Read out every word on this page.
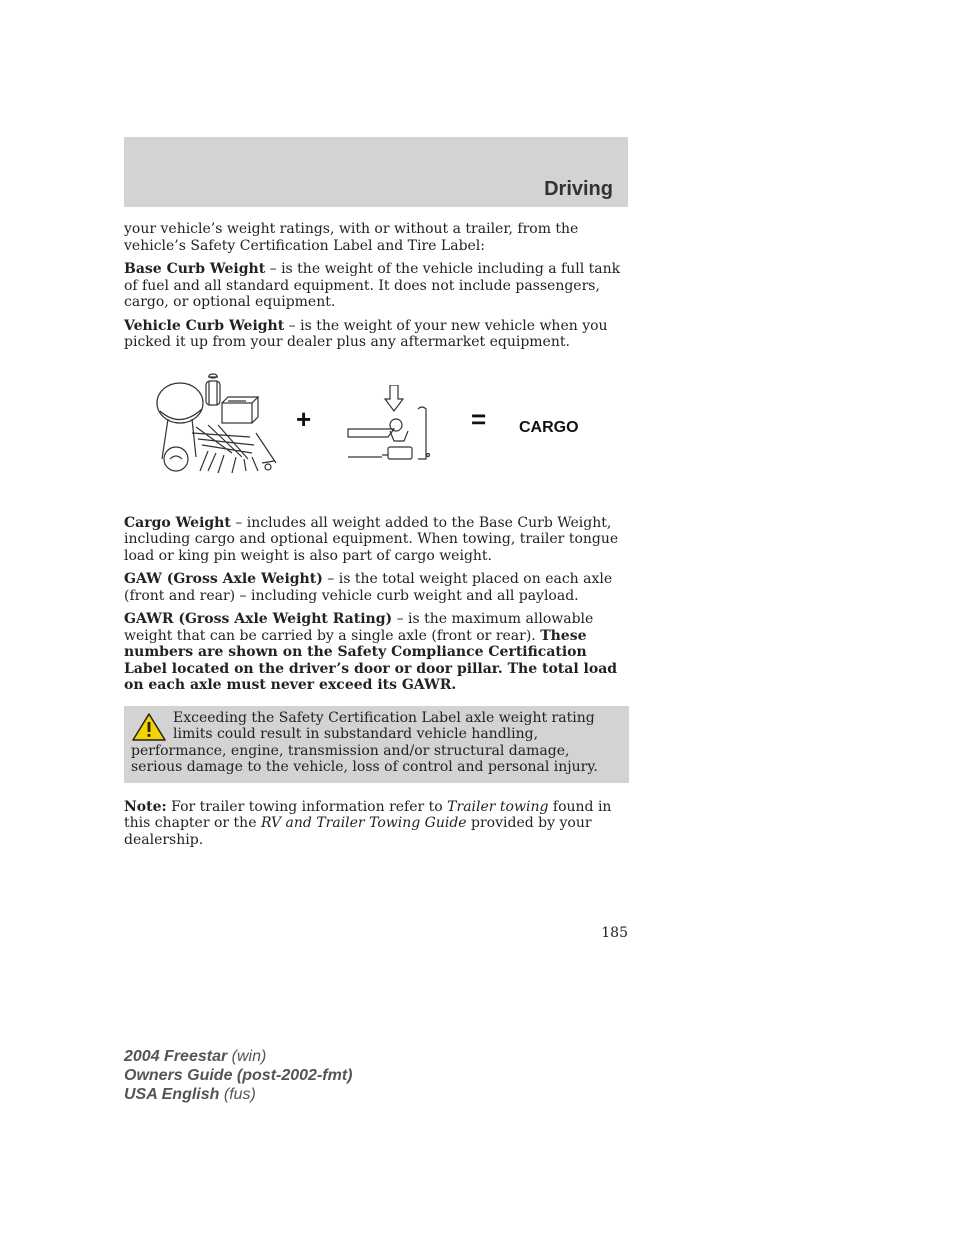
Driving

your vehicle’s weight ratings, with or without a trailer, from the vehicle’s Safety Certification Label and Tire Label:

Base Curb Weight – is the weight of the vehicle including a full tank of fuel and all standard equipment. It does not include passengers, cargo, or optional equipment.

Vehicle Curb Weight – is the weight of your new vehicle when you picked it up from your dealer plus any aftermarket equipment.

+	= CARGO

Cargo Weight – includes all weight added to the Base Curb Weight, including cargo and optional equipment. When towing, trailer tongue load or king pin weight is also part of cargo weight.

GAW (Gross Axle Weight) – is the total weight placed on each axle (front and rear) – including vehicle curb weight and all payload.

GAWR (Gross Axle Weight Rating) – is the maximum allowable weight that can be carried by a single axle (front or rear). These numbers are shown on the Safety Compliance Certification Label located on the driver’s door or door pillar. The total load on each axle must never exceed its GAWR.

Exceeding the Safety Certification Label axle weight rating limits could result in substandard vehicle handling, performance, engine, transmission and/or structural damage, serious damage to the vehicle, loss of control and personal injury.

Note: For trailer towing information refer to Trailer towing found in this chapter or the RV and Trailer Towing Guide provided by your dealership.

185
2004 Freestar (win)
Owners Guide (post-2002-fmt)
USA English (fus)
